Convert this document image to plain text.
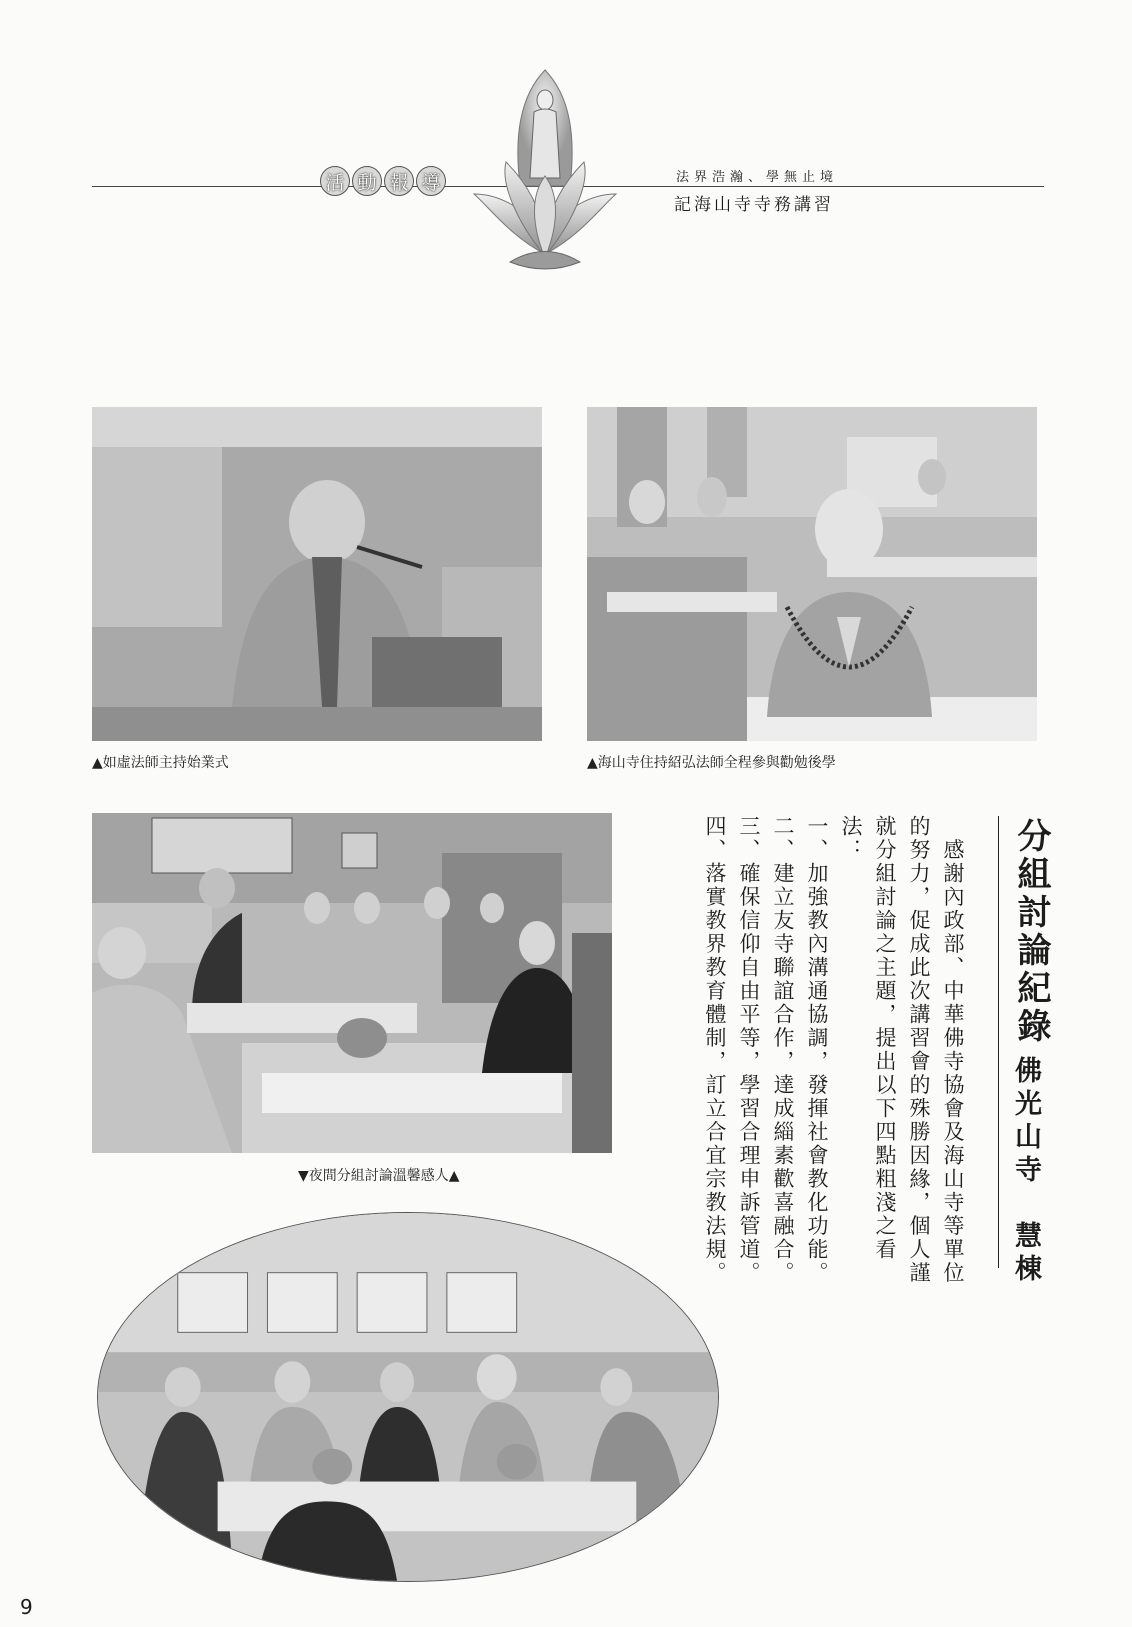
活 動 報 導	法界浩瀚、學無止境
記海山寺寺務講習
▲如虛法師主持始業式	▲海山寺住持紹弘法師全程參與勸勉後學
▼夜間分組討論溫馨感人▲
分組討論紀錄
佛光山寺　慧棟

　感謝內政部、中華佛寺協會及海山寺等單位的努力，促成此次講習會的殊勝因緣，個人謹就分組討論之主題，提出以下四點粗淺之看法：

一、加強教內溝通協調，發揮社會教化功能。

二、建立友寺聯誼合作，達成緇素歡喜融合。

三、確保信仰自由平等，學習合理申訴管道。

四、落實教界教育體制，訂立合宜宗教法規。

9
